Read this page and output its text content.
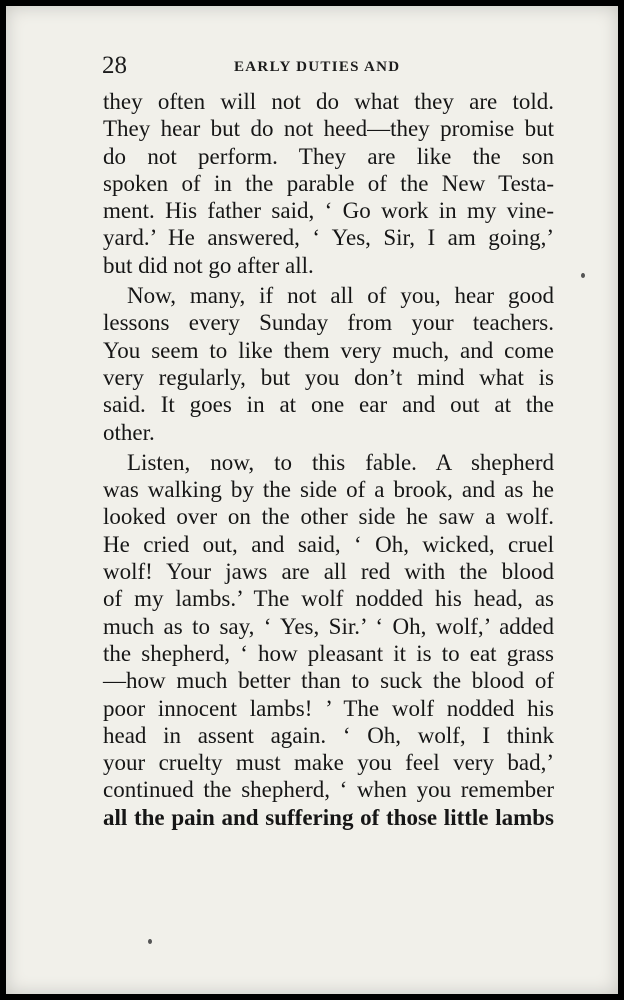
28	EARLY DUTIES AND
they often will not do what they are told.
They hear but do not heed—they promise but
do not perform. They are like the son
spoken of in the parable of the New Testa-
ment. His father said, ‘ Go work in my vine-
yard.’ He answered, ‘ Yes, Sir, I am going,’
but did not go after all.
Now, many, if not all of you, hear good
lessons every Sunday from your teachers.
You seem to like them very much, and come
very regularly, but you don’t mind what is
said. It goes in at one ear and out at the
other.
Listen, now, to this fable. A shepherd
was walking by the side of a brook, and as he
looked over on the other side he saw a wolf.
He cried out, and said, ‘ Oh, wicked, cruel
wolf! Your jaws are all red with the blood
of my lambs.’ The wolf nodded his head, as
much as to say, ‘ Yes, Sir.’ ‘ Oh, wolf,’ added
the shepherd, ‘ how pleasant it is to eat grass
—how much better than to suck the blood of
poor innocent lambs! ’ The wolf nodded his
head in assent again. ‘ Oh, wolf, I think
your cruelty must make you feel very bad,’
continued the shepherd, ‘ when you remember
all the pain and suffering of those little lambs
